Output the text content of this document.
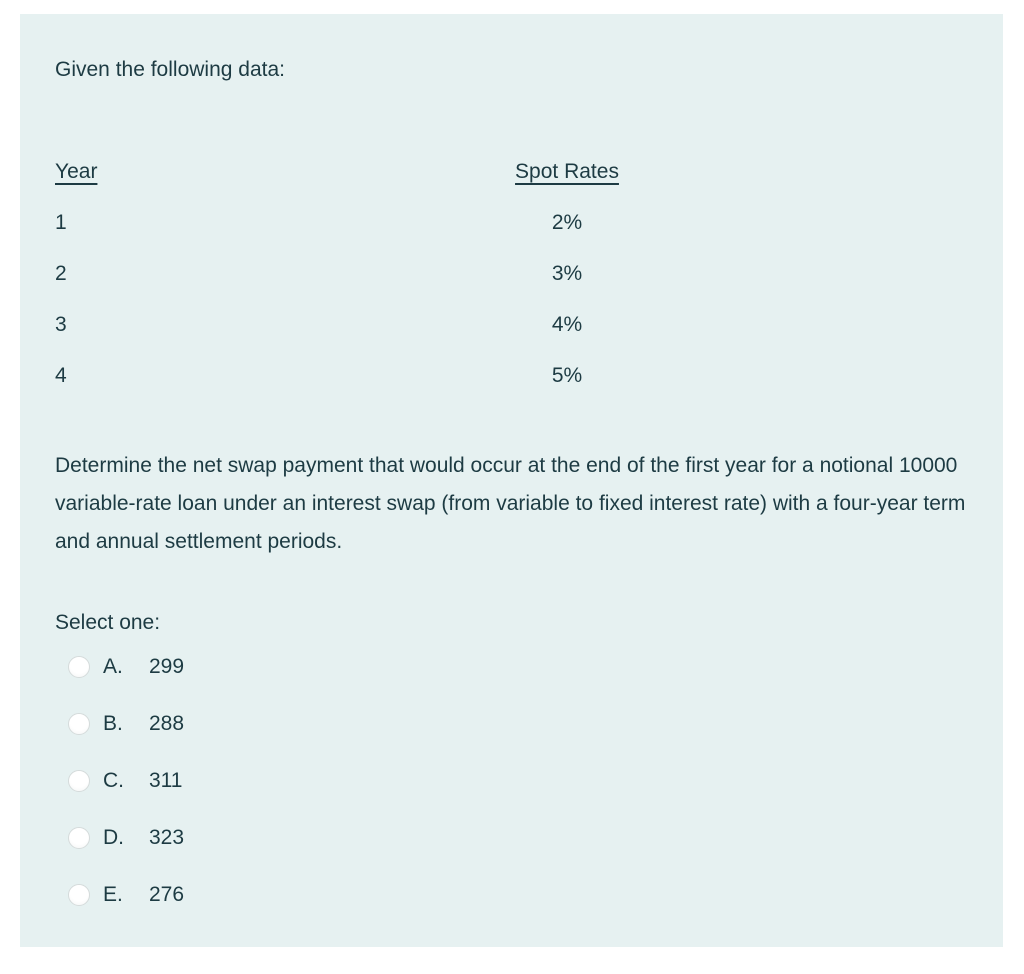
Given the following data:

Year	Spot Rates
1	2%
2	3%
3	4%
4	5%

Determine the net swap payment that would occur at the end of the first year for a notional 10000 variable-rate loan under an interest swap (from variable to fixed interest rate) with a four-year term and annual settlement periods.

Select one:

A.	299
B.	288
C.	311
D.	323
E.	276
